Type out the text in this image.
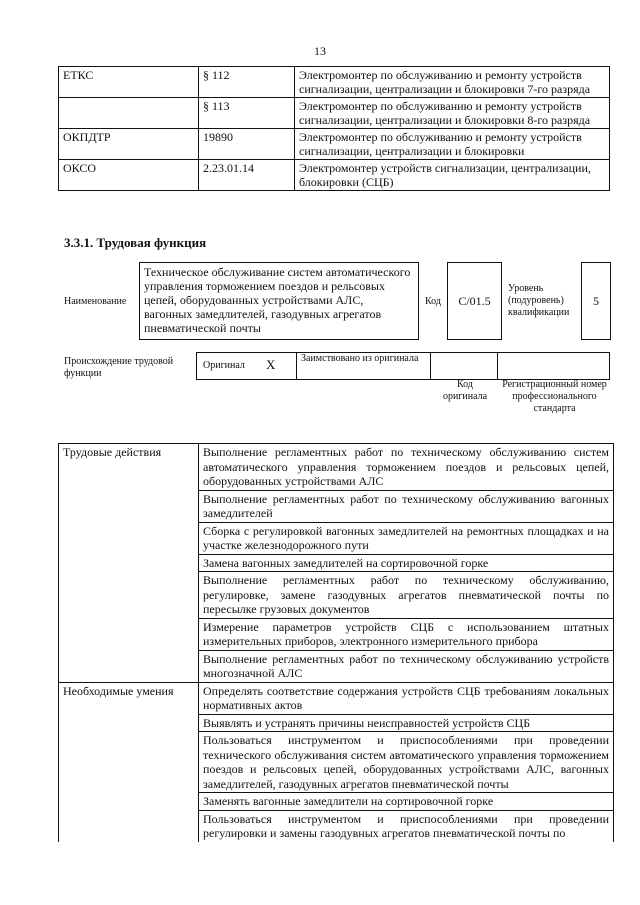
13
ЕТКС	§ 112	Электромонтер по обслуживанию и ремонту устройств сигнализации, централизации и блокировки 7-го разряда
	§ 113	Электромонтер по обслуживанию и ремонту устройств сигнализации, централизации и блокировки 8-го разряда
ОКПДТР	19890	Электромонтер по обслуживанию и ремонту устройств сигнализации, централизации и блокировки
ОКСО	2.23.01.14	Электромонтер устройств сигнализации, централизации, блокировки (СЦБ)
3.3.1. Трудовая функция
Наименование
Техническое обслуживание систем автоматического управления торможением поездов и рельсовых цепей, оборудованных устройствами АЛС, вагонных замедлителей, газодувных агрегатов пневматической почты
Код С/01.5
Уровень (подуровень) квалификации
5
Происхождение трудовой функции
Оригинал X	Заимствовано из оригинала
Код оригинала
Регистрационный номер профессионального стандарта
Трудовые действия	Выполнение регламентных работ по техническому обслуживанию систем автоматического управления торможением поездов и рельсовых цепей, оборудованных устройствами АЛС
	Выполнение регламентных работ по техническому обслуживанию вагонных замедлителей
	Сборка с регулировкой вагонных замедлителей на ремонтных площадках и на участке железнодорожного пути
	Замена вагонных замедлителей на сортировочной горке
	Выполнение регламентных работ по техническому обслуживанию, регулировке, замене газодувных агрегатов пневматической почты по пересылке грузовых документов
	Измерение параметров устройств СЦБ с использованием штатных измерительных приборов, электронного измерительного прибора
	Выполнение регламентных работ по техническому обслуживанию устройств многозначной АЛС
Необходимые умения	Определять соответствие содержания устройств СЦБ требованиям локальных нормативных актов
	Выявлять и устранять причины неисправностей устройств СЦБ
	Пользоваться инструментом и приспособлениями при проведении технического обслуживания систем автоматического управления торможением поездов и рельсовых цепей, оборудованных устройствами АЛС, вагонных замедлителей, газодувных агрегатов пневматической почты
	Заменять вагонные замедлители на сортировочной горке
	Пользоваться инструментом и приспособлениями при проведении регулировки и замены газодувных агрегатов пневматической почты по
